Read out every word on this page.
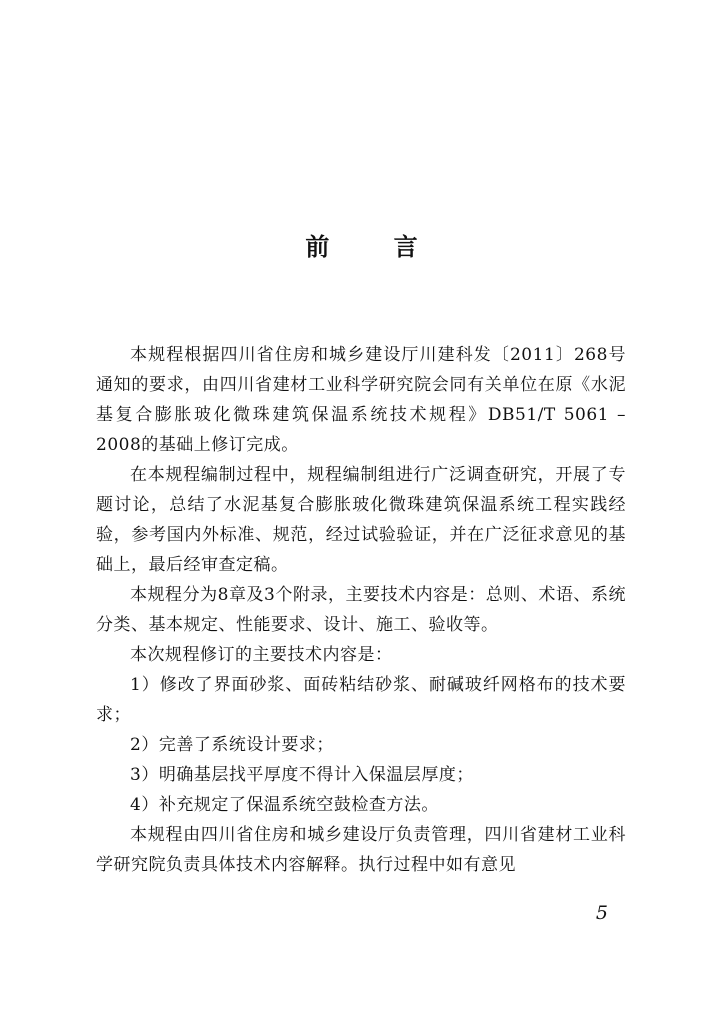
前 言

本规程根据四川省住房和城乡建设厅川建科发〔2011〕268号通知的要求，由四川省建材工业科学研究院会同有关单位在原《水泥基复合膨胀玻化微珠建筑保温系统技术规程》DB51/T 5061 – 2008的基础上修订完成。

在本规程编制过程中，规程编制组进行广泛调查研究，开展了专题讨论，总结了水泥基复合膨胀玻化微珠建筑保温系统工程实践经验，参考国内外标准、规范，经过试验验证，并在广泛征求意见的基础上，最后经审查定稿。

本规程分为8章及3个附录，主要技术内容是：总则、术语、系统分类、基本规定、性能要求、设计、施工、验收等。

本次规程修订的主要技术内容是：

1）修改了界面砂浆、面砖粘结砂浆、耐碱玻纤网格布的技术要求；

2）完善了系统设计要求；

3）明确基层找平厚度不得计入保温层厚度；

4）补充规定了保温系统空鼓检查方法。

本规程由四川省住房和城乡建设厅负责管理，四川省建材工业科学研究院负责具体技术内容解释。执行过程中如有意见

5
